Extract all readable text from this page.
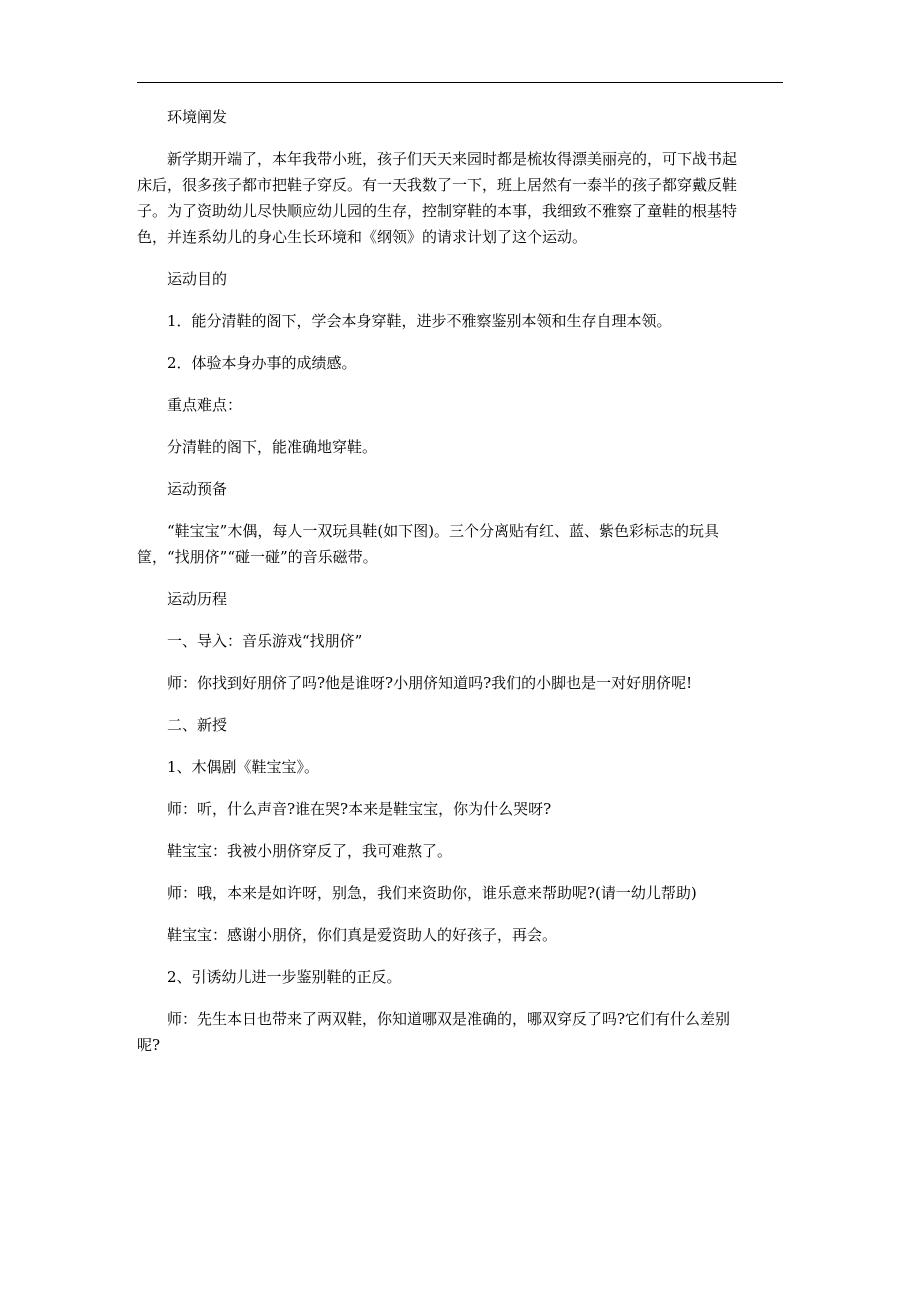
环境阐发
新学期开端了，本年我带小班，孩子们天天来园时都是梳妆得漂美丽亮的，可下战书起
床后，很多孩子都市把鞋子穿反。有一天我数了一下，班上居然有一泰半的孩子都穿戴反鞋
子。为了资助幼儿尽快顺应幼儿园的生存，控制穿鞋的本事，我细致不雅察了童鞋的根基特
色，并连系幼儿的身心生长环境和《纲领》的请求计划了这个运动。
运动目的
1．能分清鞋的阁下，学会本身穿鞋，进步不雅察鉴别本领和生存自理本领。
2．体验本身办事的成绩感。
重点难点：
分清鞋的阁下，能准确地穿鞋。
运动预备
“鞋宝宝”木偶，每人一双玩具鞋(如下图)。三个分离贴有红、蓝、紫色彩标志的玩具
筐，“找朋侪”“碰一碰”的音乐磁带。
运动历程
一、导入：音乐游戏“找朋侪”
师：你找到好朋侪了吗?他是谁呀?小朋侪知道吗?我们的小脚也是一对好朋侪呢!
二、新授
1、木偶剧《鞋宝宝》。
师：听，什么声音?谁在哭?本来是鞋宝宝，你为什么哭呀?
鞋宝宝：我被小朋侪穿反了，我可难熬了。
师：哦，本来是如许呀，别急，我们来资助你，谁乐意来帮助呢?(请一幼儿帮助)
鞋宝宝：感谢小朋侪，你们真是爱资助人的好孩子，再会。
2、引诱幼儿进一步鉴别鞋的正反。
师：先生本日也带来了两双鞋，你知道哪双是准确的，哪双穿反了吗?它们有什么差别
呢?
